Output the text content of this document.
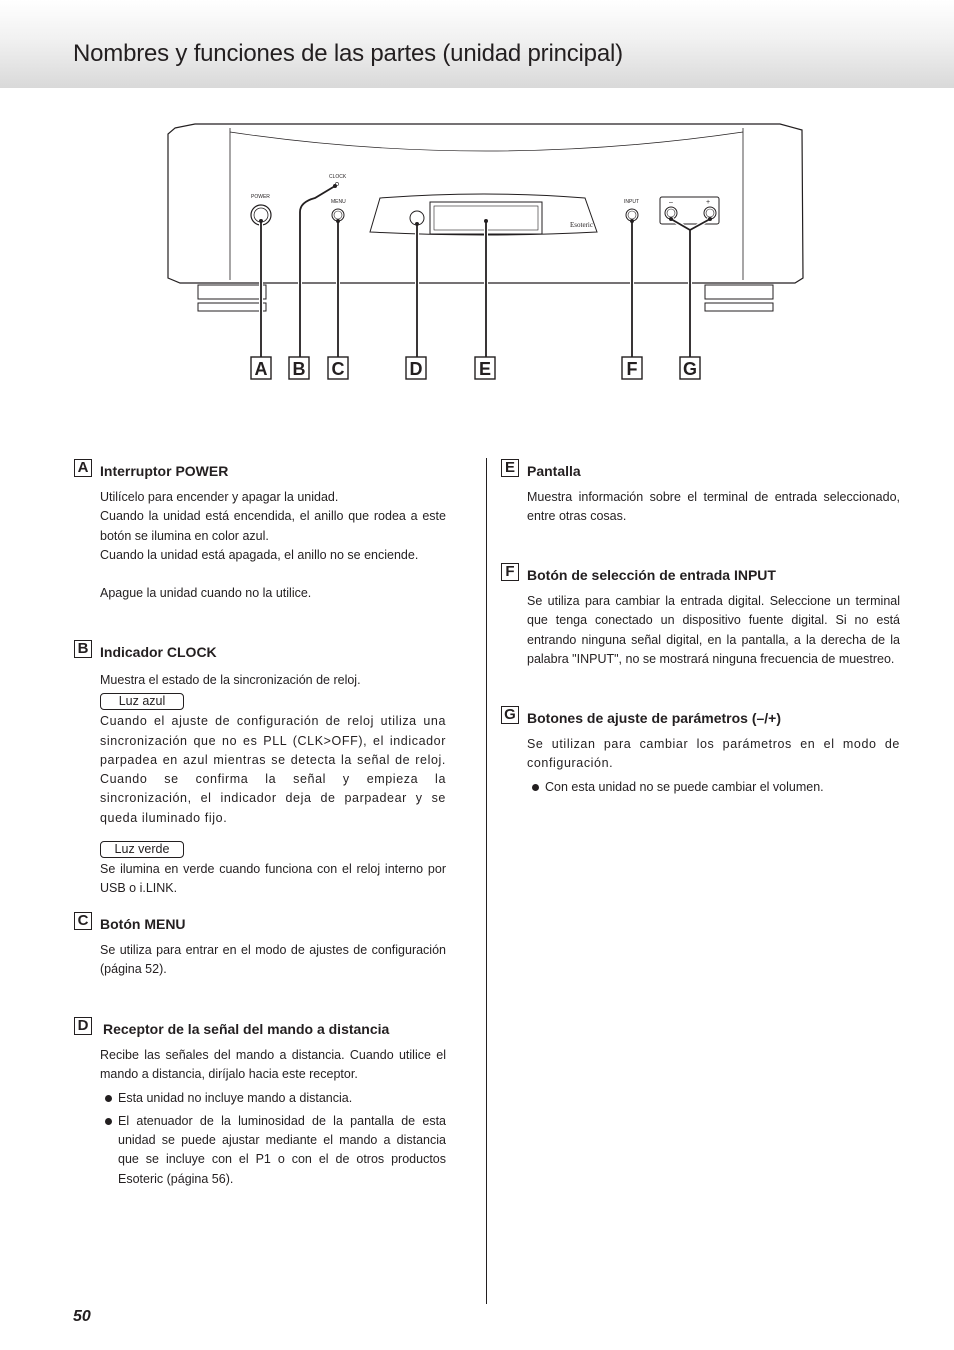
Nombres y funciones de las partes (unidad principal)
Esoteric
POWER
CLOCK
MENU	INPUT	–	+
A B C	D	E	F	G
A Interruptor POWER

Utilícelo para encender y apagar la unidad.

Cuando la unidad está encendida, el anillo que rodea a este botón se ilumina en color azul.

Cuando la unidad está apagada, el anillo no se enciende.

Apague la unidad cuando no la utilice.

B Indicador CLOCK

Muestra el estado de la sincronización de reloj.

Luz azul

Cuando el ajuste de configuración de reloj utiliza una sincronización que no es PLL (CLK>OFF), el indicador parpadea en azul mientras se detecta la señal de reloj. Cuando se confirma la señal y empieza la sincronización, el indicador deja de parpadear y se queda iluminado fijo.

Luz verde

Se ilumina en verde cuando funciona con el reloj interno por USB o i.LINK.

C Botón MENU

Se utiliza para entrar en el modo de ajustes de configuración (página 52).

D Receptor de la señal del mando a distancia

Recibe las señales del mando a distancia. Cuando utilice el mando a distancia, diríjalo hacia este receptor.

Esta unidad no incluye mando a distancia.
El atenuador de la luminosidad de la pantalla de esta unidad se puede ajustar mediante el mando a distancia que se incluye con el P1 o con el de otros productos Esoteric (página 56).
E Pantalla

Muestra información sobre el terminal de entrada seleccionado, entre otras cosas.

F Botón de selección de entrada INPUT

Se utiliza para cambiar la entrada digital. Seleccione un terminal que tenga conectado un dispositivo fuente digital. Si no está entrando ninguna señal digital, en la pantalla, a la derecha de la palabra "INPUT", no se mostrará ninguna frecuencia de muestreo.

G Botones de ajuste de parámetros (–/+)

Se utilizan para cambiar los parámetros en el modo de configuración.

Con esta unidad no se puede cambiar el volumen.
50
